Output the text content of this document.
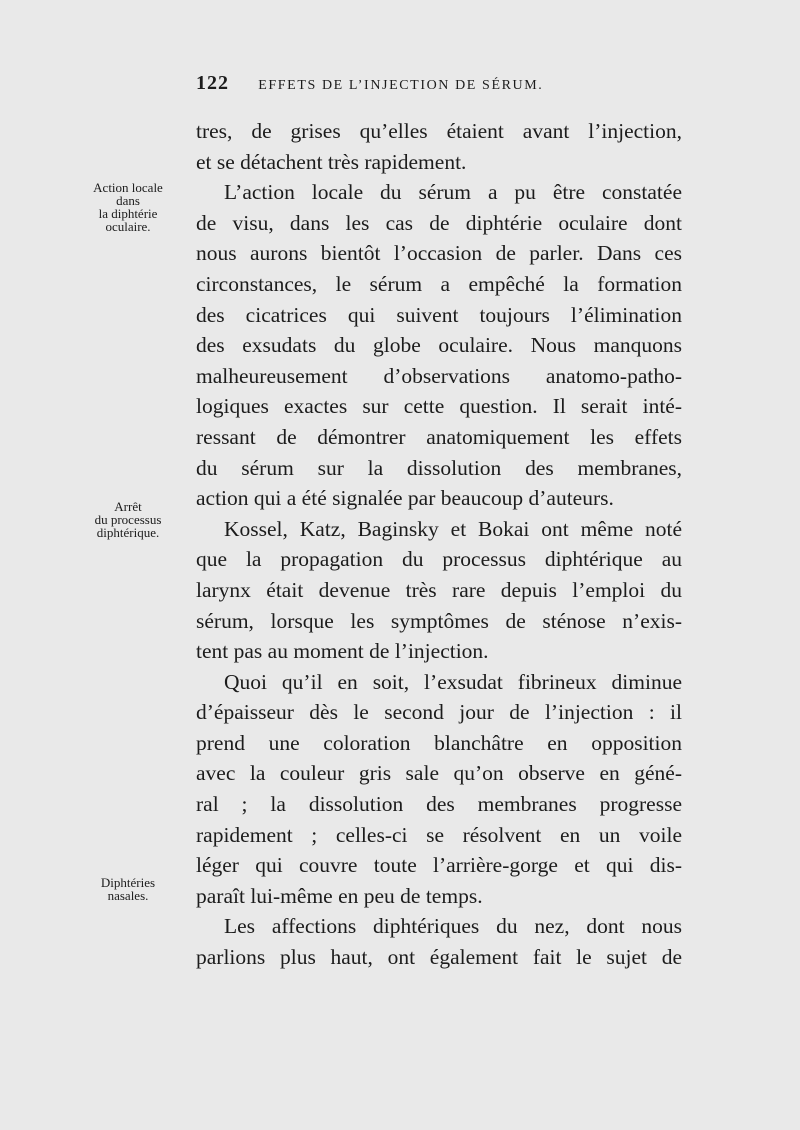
122 EFFETS DE L’INJECTION DE SÉRUM.
Action locale
dans
la diphtérie
oculaire.
Arrêt
du processus
diphtérique.
Diphtéries
nasales.
tres, de grises qu’elles étaient avant l’injection,
et se détachent très rapidement.
L’action locale du sérum a pu être constatée
de visu, dans les cas de diphtérie oculaire dont
nous aurons bientôt l’occasion de parler. Dans ces
circonstances, le sérum a empêché la formation
des cicatrices qui suivent toujours l’élimination
des exsudats du globe oculaire. Nous manquons
malheureusement d’observations anatomo-patho-
logiques exactes sur cette question. Il serait inté-
ressant de démontrer anatomiquement les effets
du sérum sur la dissolution des membranes,
action qui a été signalée par beaucoup d’auteurs.
Kossel, Katz, Baginsky et Bokai ont même noté
que la propagation du processus diphtérique au
larynx était devenue très rare depuis l’emploi du
sérum, lorsque les symptômes de sténose n’exis-
tent pas au moment de l’injection.
Quoi qu’il en soit, l’exsudat fibrineux diminue
d’épaisseur dès le second jour de l’injection : il
prend une coloration blanchâtre en opposition
avec la couleur gris sale qu’on observe en géné-
ral ; la dissolution des membranes progresse
rapidement ; celles-ci se résolvent en un voile
léger qui couvre toute l’arrière-gorge et qui dis-
paraît lui-même en peu de temps.
Les affections diphtériques du nez, dont nous
parlions plus haut, ont également fait le sujet de
